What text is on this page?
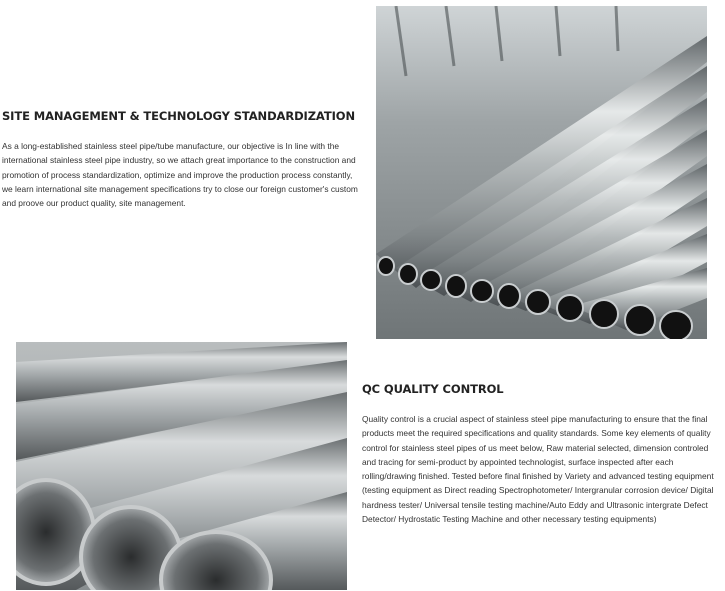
SITE MANAGEMENT & TECHNOLOGY STANDARDIZATION

As a long-established stainless steel pipe/tube manufacture, our objective is In line with the international stainless steel pipe industry, so we attach great importance to the construction and promotion of process standardization, optimize and improve the production process constantly, we learn international site management specifications try to close our foreign customer's custom and proove our product quality, site management.

QC QUALITY CONTROL

Quality control is a crucial aspect of stainless steel pipe manufacturing to ensure that the final products meet the required specifications and quality standards. Some key elements of quality control for stainless steel pipes of us meet below, Raw material selected, dimension controled and tracing for semi-product by appointed technologist, surface inspected after each rolling/drawing finished. Tested before final finished by Variety and advanced testing equipment (testing equipment as Direct reading Spectrophotometer/ Intergranular corrosion device/ Digital hardness tester/ Universal tensile testing machine/Auto Eddy and Ultrasonic intergrate Defect Detector/ Hydrostatic Testing Machine and other necessary testing equipments)
